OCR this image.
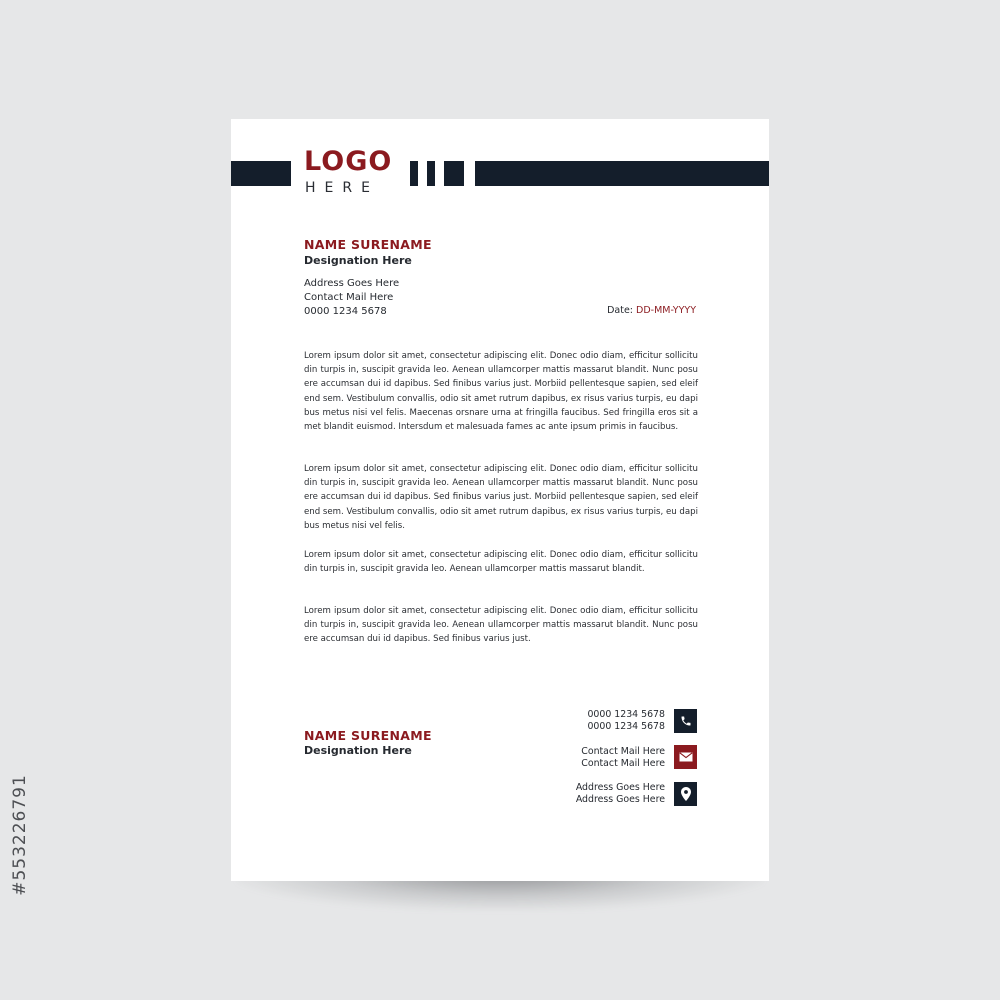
LOGO
HERE
NAME SURENAME
Designation Here
Address Goes Here
Contact Mail Here
0000 1234 5678	Date: DD-MM-YYYY
Lorem ipsum dolor sit amet, consectetur adipiscing elit. Donec odio diam, efficitur sollicitudin turpis in, suscipit gravida leo. Aenean ullamcorper mattis massarut blandit. Nunc posuere accumsan dui id dapibus. Sed finibus varius just. Morbiid pellentesque sapien, sed eleifend sem. Vestibulum convallis, odio sit amet rutrum dapibus, ex risus varius turpis, eu dapibus metus nisi vel felis. Maecenas orsnare urna at fringilla faucibus. Sed fringilla eros sit amet blandit euismod. Intersdum et malesuada fames ac ante ipsum primis in faucibus.
Lorem ipsum dolor sit amet, consectetur adipiscing elit. Donec odio diam, efficitur sollicitudin turpis in, suscipit gravida leo. Aenean ullamcorper mattis massarut blandit. Nunc posuere accumsan dui id dapibus. Sed finibus varius just. Morbiid pellentesque sapien, sed eleifend sem. Vestibulum convallis, odio sit amet rutrum dapibus, ex risus varius turpis, eu dapibus metus nisi vel felis.
Lorem ipsum dolor sit amet, consectetur adipiscing elit. Donec odio diam, efficitur sollicitudin turpis in, suscipit gravida leo. Aenean ullamcorper mattis massarut blandit.
Lorem ipsum dolor sit amet, consectetur adipiscing elit. Donec odio diam, efficitur sollicitudin turpis in, suscipit gravida leo. Aenean ullamcorper mattis massarut blandit. Nunc posuere accumsan dui id dapibus. Sed finibus varius just.
NAME SURENAME
Designation Here
0000 1234 5678
0000 1234 5678
Contact Mail Here
Contact Mail Here
Address Goes Here
Address Goes Here
#553226791
